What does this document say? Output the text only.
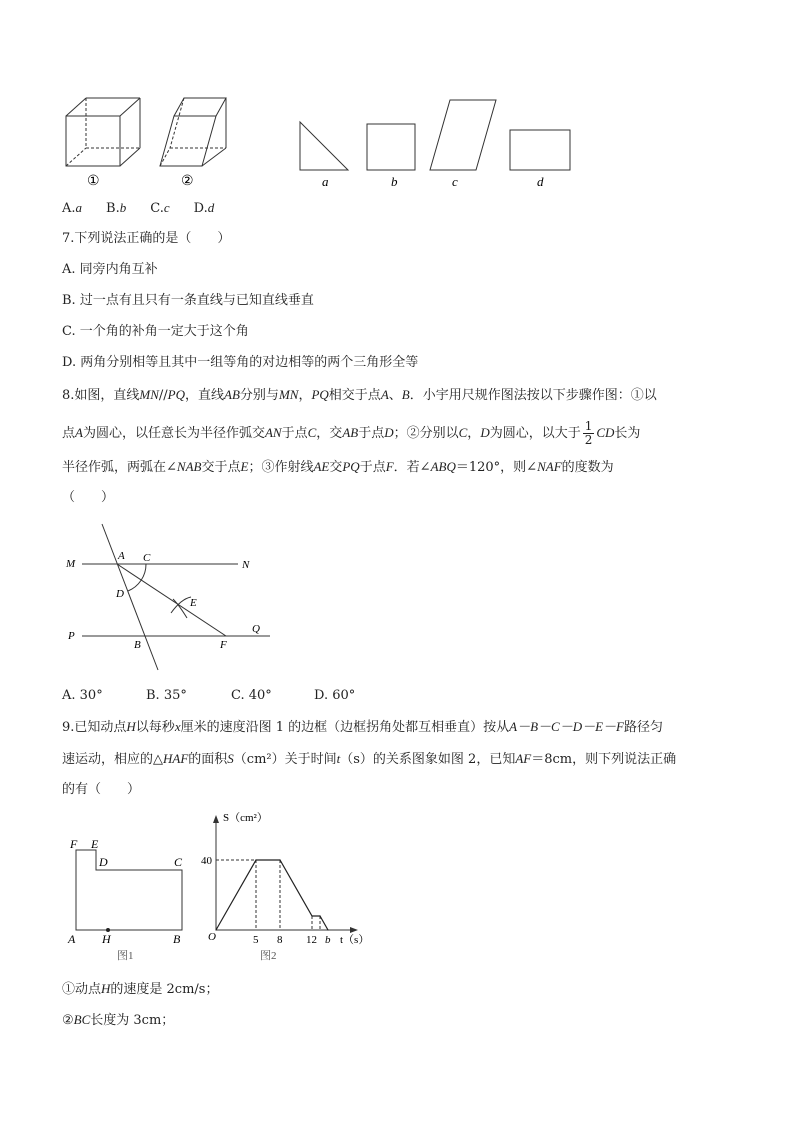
①	②	a	b	c	d
A.a B.b C.c D.d
7.下列说法正确的是（　　）
A. 同旁内角互补
B. 过一点有且只有一条直线与已知直线垂直
C. 一个角的补角一定大于这个角
D. 两角分别相等且其中一组等角的对边相等的两个三角形全等
8.如图，直线MN//PQ，直线AB分别与MN，PQ相交于点A、B．小宇用尺规作图法按以下步骤作图：①以
点A为圆心，以任意长为半径作弧交AN于点C，交AB于点D；②分别以C，D为圆心，以大于 $\frac{1}{2}$ CD长为
半径作弧，两弧在∠NAB交于点E；③作射线AE交PQ于点F．若∠ABQ＝120°，则∠NAF的度数为
（　　）
M
A C
N
D
E
P
B	F
Q
A. 30°	B. 35°	C. 40°	D. 60°
9.已知动点H以每秒x厘米的速度沿图 1 的边框（边框拐角处都互相垂直）按从A－B－C－D－E－F路径匀
速运动，相应的△HAF的面积S（cm²）关于时间t（s）的关系图象如图 2，已知AF＝8cm，则下列说法正确
的有（　　）
F E
D	C
A H	B
图1
40
5 8 12 b
S（cm²）
t（s）
O
图2
①动点H的速度是 2cm/s；
②BC长度为 3cm；
